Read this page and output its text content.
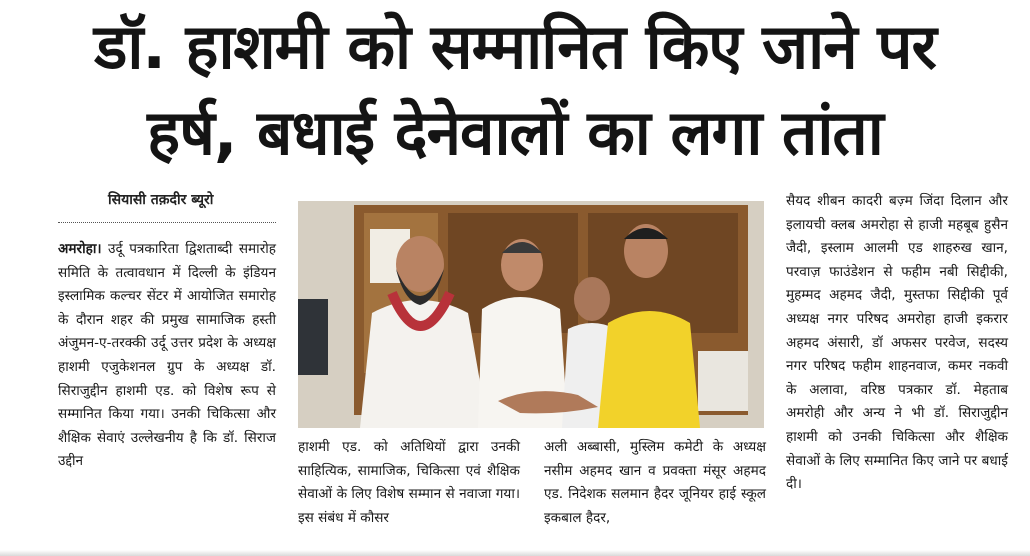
डॉ. हाशमी को सम्मानित किए जाने पर
हर्ष, बधाई देनेवालों का लगा तांता
सियासी तक़दीर ब्यूरो
अमरोहा। उर्दू पत्रकारिता द्विशताब्दी समारोह समिति के तत्वावधान में दिल्ली के इंडियन इस्लामिक कल्चर सेंटर में आयोजित समारोह के दौरान शहर की प्रमुख सामाजिक हस्ती अंजुमन-ए-तरक्की उर्दू उत्तर प्रदेश के अध्यक्ष हाशमी एजुकेशनल ग्रुप के अध्यक्ष डॉ. सिराजुद्दीन हाशमी एड. को विशेष रूप से सम्मानित किया गया। उनकी चिकित्सा और शैक्षिक सेवाएं उल्लेखनीय है कि डॉ. सिराज उद्दीन
हाशमी एड. को अतिथियों द्वारा उनकी साहित्यिक, सामाजिक, चिकित्सा एवं शैक्षिक सेवाओं के लिए विशेष सम्मान से नवाजा गया। इस संबंध में कौसर
अली अब्बासी, मुस्लिम कमेटी के अध्यक्ष नसीम अहमद खान व प्रवक्ता मंसूर अहमद एड. निदेशक सलमान हैदर जूनियर हाई स्कूल इकबाल हैदर,
सैयद शीबन कादरी बज़्म जिंदा दिलान और इलायची क्लब अमरोहा से हाजी महबूब हुसैन जैदी, इस्लाम आलमी एड शाहरुख खान, परवाज़ फाउंडेशन से फहीम नबी सिद्दीकी, मुहम्मद अहमद जैदी, मुस्तफा सिद्दीकी पूर्व अध्यक्ष नगर परिषद अमरोहा हाजी इकरार अहमद अंसारी, डॉ अफसर परवेज, सदस्य नगर परिषद फहीम शाहनवाज, कमर नकवी के अलावा, वरिष्ठ पत्रकार डॉ. मेहताब अमरोही और अन्य ने भी डॉ. सिराजुद्दीन हाशमी को उनकी चिकित्सा और शैक्षिक सेवाओं के लिए सम्मानित किए जाने पर बधाई दी।
